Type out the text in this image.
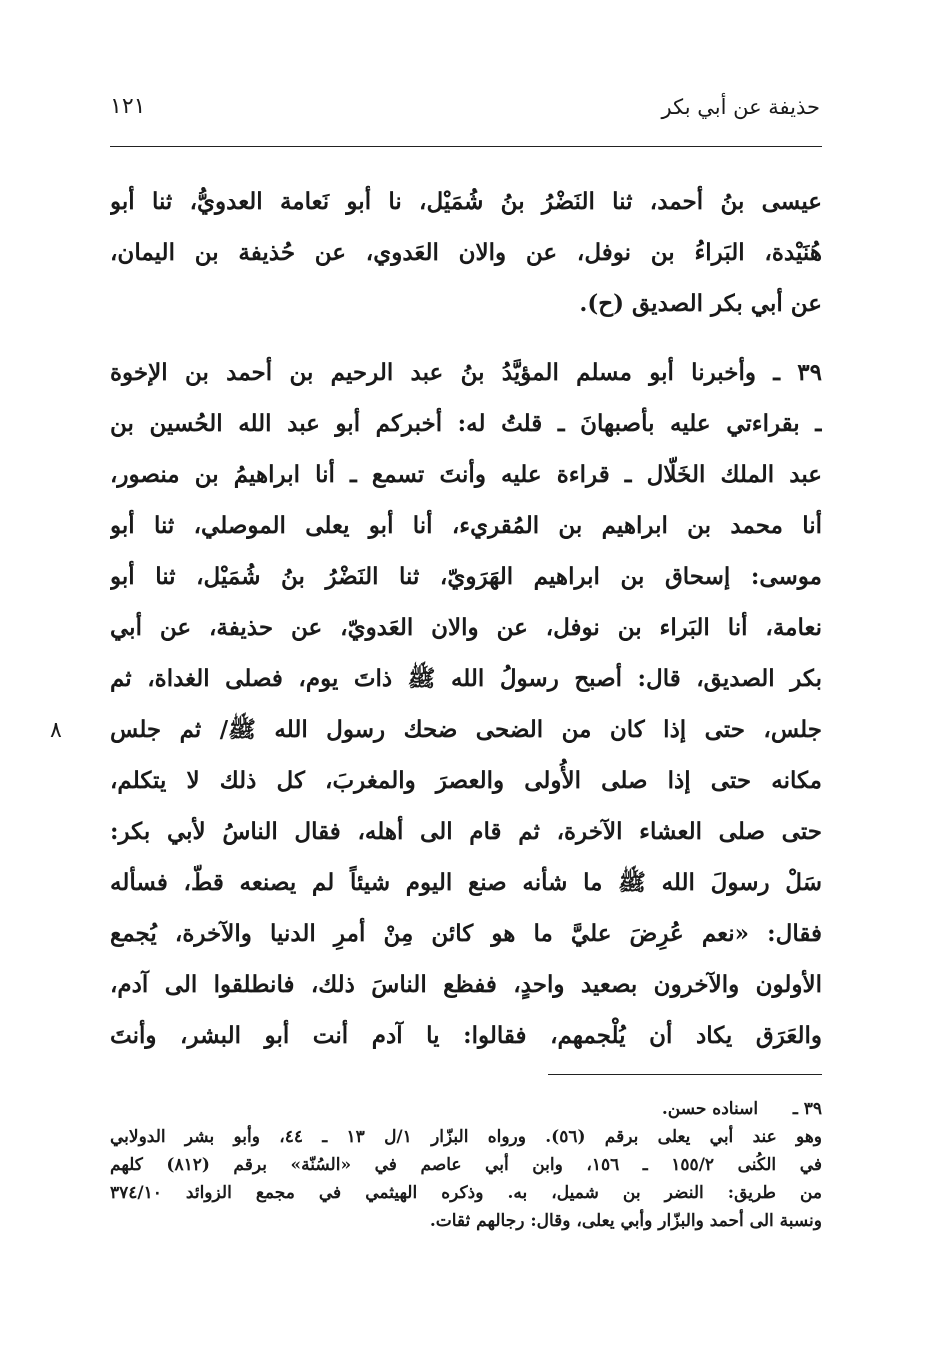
حذيفة عن أبي بكر
١٢١
عيسى بنُ أحمد، ثنا النَضْرُ بنُ شُمَيْل، نا أبو نَعامة العدويُّ، ثنا أبو
هُنَيْدة، البَراءُ بن نوفل، عن والان العَدوي، عن حُذيفة بن اليمان،
عن أبي بكر الصديق (ح).
٣٩ ـ وأخبرنا أبو مسلم المؤيَّدُ بنُ عبد الرحيم بن أحمد بن الإخوة
ـ بقراءتي عليه بأصبهانَ ـ قلتُ له: أخبركم أبو عبد الله الحُسين بن
عبد الملك الخَلّال ـ قراءة عليه وأنتَ تسمع ـ أنا ابراهيمُ بن منصور،
أنا محمد بن ابراهيم بن المُقريء، أنا أبو يعلى الموصلي، ثنا أبو
موسى: إسحاق بن ابراهيم الهَرَويّ، ثنا النَضْرُ بنُ شُمَيْل، ثنا أبو
نعامة، أنا البَراء بن نوفل، عن والان العَدويّ، عن حذيفة، عن أبي
بكر الصديق، قال: أصبح رسولُ الله ﷺ ذاتَ يوم، فصلى الغداة، ثم
جلس، حتى إذا كان من الضحى ضحك رسول الله ﷺ/ ثم جلس
مكانه حتى إذا صلى الأُولى والعصرَ والمغربَ، كل ذلك لا يتكلم،
حتى صلى العشاء الآخرة، ثم قام الى أهله، فقال الناسُ لأبي بكر:
سَلْ رسولَ الله ﷺ ما شأنه صنع اليوم شيئاً لم يصنعه قطّ، فسأله
فقال: «نعم عُرِضَ عليَّ ما هو كائن مِنْ أمرِ الدنيا والآخرة، يُجمع
الأولون والآخرون بصعيد واحدٍ، ففظع الناسَ ذلك، فانطلقوا الى آدم،
والعَرَق يكاد أن يُلْجمهم، فقالوا: يا آدم أنت أبو البشر، وأنتَ
٨
٣٩ ـ اسناده حسن.
وهو عند أبي يعلى برقم (٥٦). ورواه البزّار ١/ل ١٣ ـ ٤٤، وأبو بشر الدولابي
في الكُنى ١٥٥/٢ ـ ١٥٦، وابن أبي عاصم في «السُنّة» برقم (٨١٢) كلهم
من طريق: النضر بن شميل، به. وذكره الهيثمي في مجمع الزوائد ٣٧٤/١٠
ونسبة الى أحمد والبزّار وأبي يعلى، وقال: رجالهم ثقات.
